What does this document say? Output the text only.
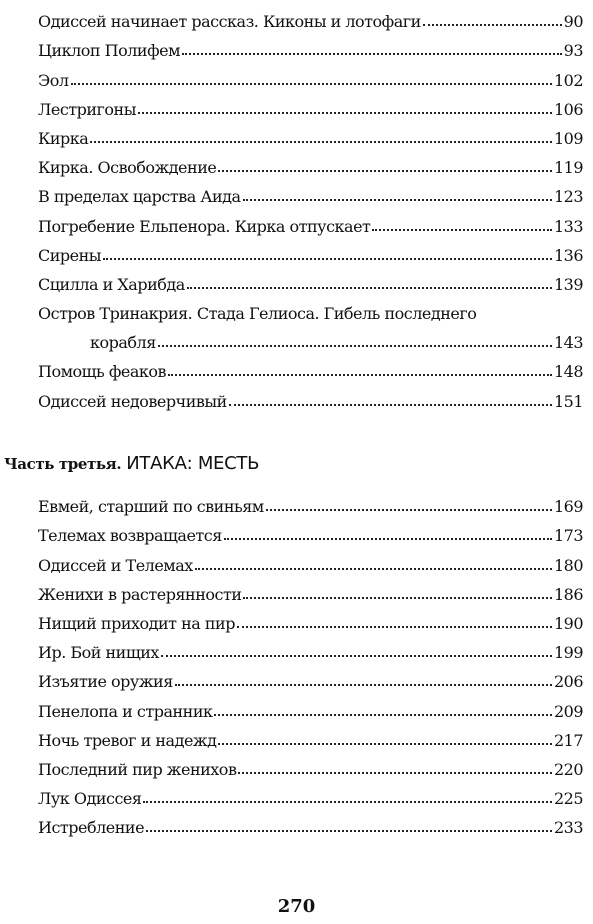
Одиссей начинает рассказ. Киконы и лотофаги	90
Циклоп Полифем	93
Эол	102
Лестригоны	106
Кирка	109
Кирка. Освобождение	119
В пределах царства Аида	123
Погребение Ельпенора. Кирка отпускает	133
Сирены	136
Сцилла и Харибда	139
Остров Тринакрия. Стада Гелиоса. Гибель последнего
корабля	143
Помощь феаков	148
Одиссей недоверчивый	151
Часть третья. ИТАКА: МЕСТЬ
Евмей, старший по свиньям	169
Телемах возвращается	173
Одиссей и Телемах	180
Женихи в растерянности	186
Нищий приходит на пир	190
Ир. Бой нищих	199
Изъятие оружия	206
Пенелопа и странник	209
Ночь тревог и надежд	217
Последний пир женихов	220
Лук Одиссея	225
Истребление	233
270
